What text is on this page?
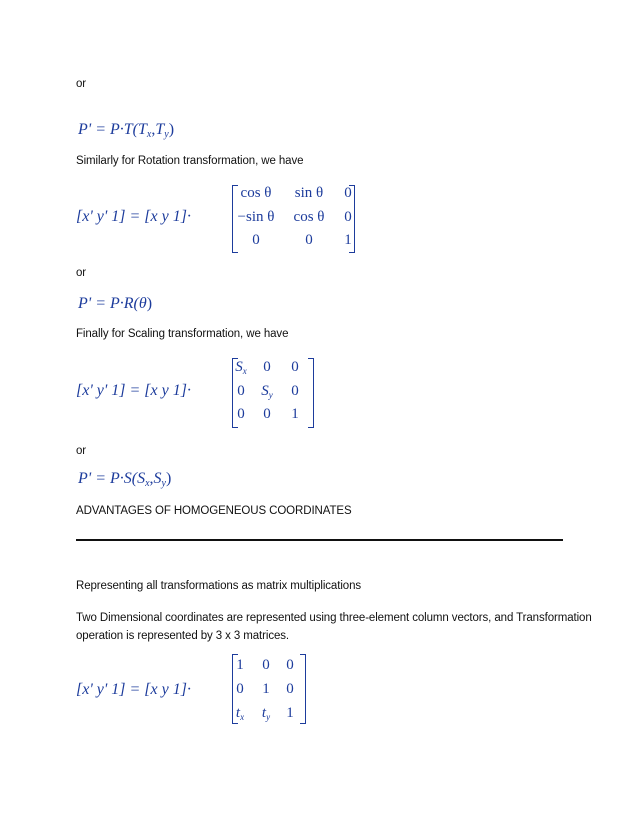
or
$P' = P\cdot T(T_x,T_y)$
Similarly for Rotation transformation, we have
[x' y' 1] = [x y 1]·
cos θ	sin θ	0
−sin θ	cos θ	0
0	0	1
or
P' = P·R(θ)
Finally for Scaling transformation, we have
[x' y' 1] = [x y 1]·
$S_x$	0	0
0	$S_y$	0
0	0	1
or
$P' = P\cdot S(S_x,S_y)$
ADVANTAGES OF HOMOGENEOUS COORDINATES
Representing all transformations as matrix multiplications
Two Dimensional coordinates are represented using three-element column vectors, and Transformation
operation is represented by 3 x 3 matrices.
[x' y' 1] = [x y 1]·
1	0	0
0	1	0
$t_x$	$t_y$	1
